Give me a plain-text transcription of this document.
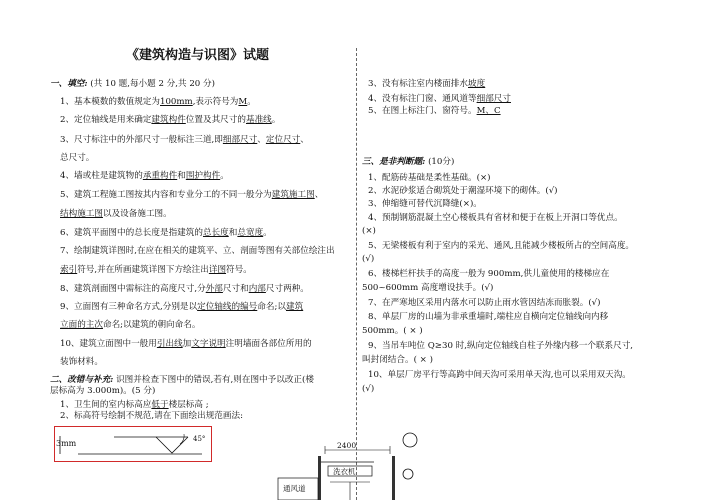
《建筑构造与识图》试题
一、填空: (共 10 题,每小题 2 分,共 20 分)
1、基本模数的数值规定为100mm,表示符号为M。
2、定位轴线是用来确定建筑构件位置及其尺寸的基准线。
3、尺寸标注中的外部尺寸一般标注三道,即细部尺寸、定位尺寸、
总尺寸。
4、墙或柱是建筑物的承重构件和围护构件。
5、建筑工程施工图按其内容和专业分工的不同一般分为建筑施工图、
结构施工图以及设备施工图。
6、建筑平面图中的总长度是指建筑的总长度和总宽度。
7、绘制建筑详图时,在应在相关的建筑平、立、剖面等图有关部位绘注出
索引符号,并在所画建筑详图下方绘注出详图符号。
8、建筑剖面图中需标注的高度尺寸,分外部尺寸和内部尺寸两种。
9、立面图有三种命名方式,分别是以定位轴线的编号命名;以建筑
立面的主次命名;以建筑的朝向命名。
10、建筑立面图中一般用引出线加文字说明注明墙面各部位所用的
装饰材料。
二、改错与补充: 识图并检查下图中的错误,若有,则在图中予以改正(楼
层标高为 3.000m)。(5 分)
1、卫生间的室内标高应低于楼层标高 ;
2、标高符号绘制不规范,请在下面绘出规范画法:
3mm	45°
3、没有标注室内楼面排水坡度
4、没有标注门窗、通风道等细部尺寸
5、在图上标注门、窗符号。M、C
三、是非判断题: (10分)
1、配筋砖基础是柔性基础。(×)
2、水泥砂浆适合砌筑处于潮湿环境下的砌体。(√)
3、伸缩缝可替代沉降缝(×)。
4、预制钢筋混凝土空心楼板具有省材和便于在板上开洞口等优点。
(×)
5、无梁楼板有利于室内的采光、通风,且能减少楼板所占的空间高度。
(√)
6、楼梯栏杆扶手的高度一般为 900mm,供儿童使用的楼梯应在
500~600mm 高度增设扶手。(√)
7、在严寒地区采用内落水可以防止雨水管因结冻而胀裂。(√)
8、单层厂房的山墙为非承重墙时,端柱应自横向定位轴线向内移
500mm。( × )
9、当吊车吨位 Q≥30 时,纵向定位轴线自柱子外缘内移一个联系尺寸,
叫封闭结合。( × )
10、单层厂房平行等高跨中间天沟可采用单天沟,也可以采用双天沟。
(√)
2400
洗衣机
通风道
